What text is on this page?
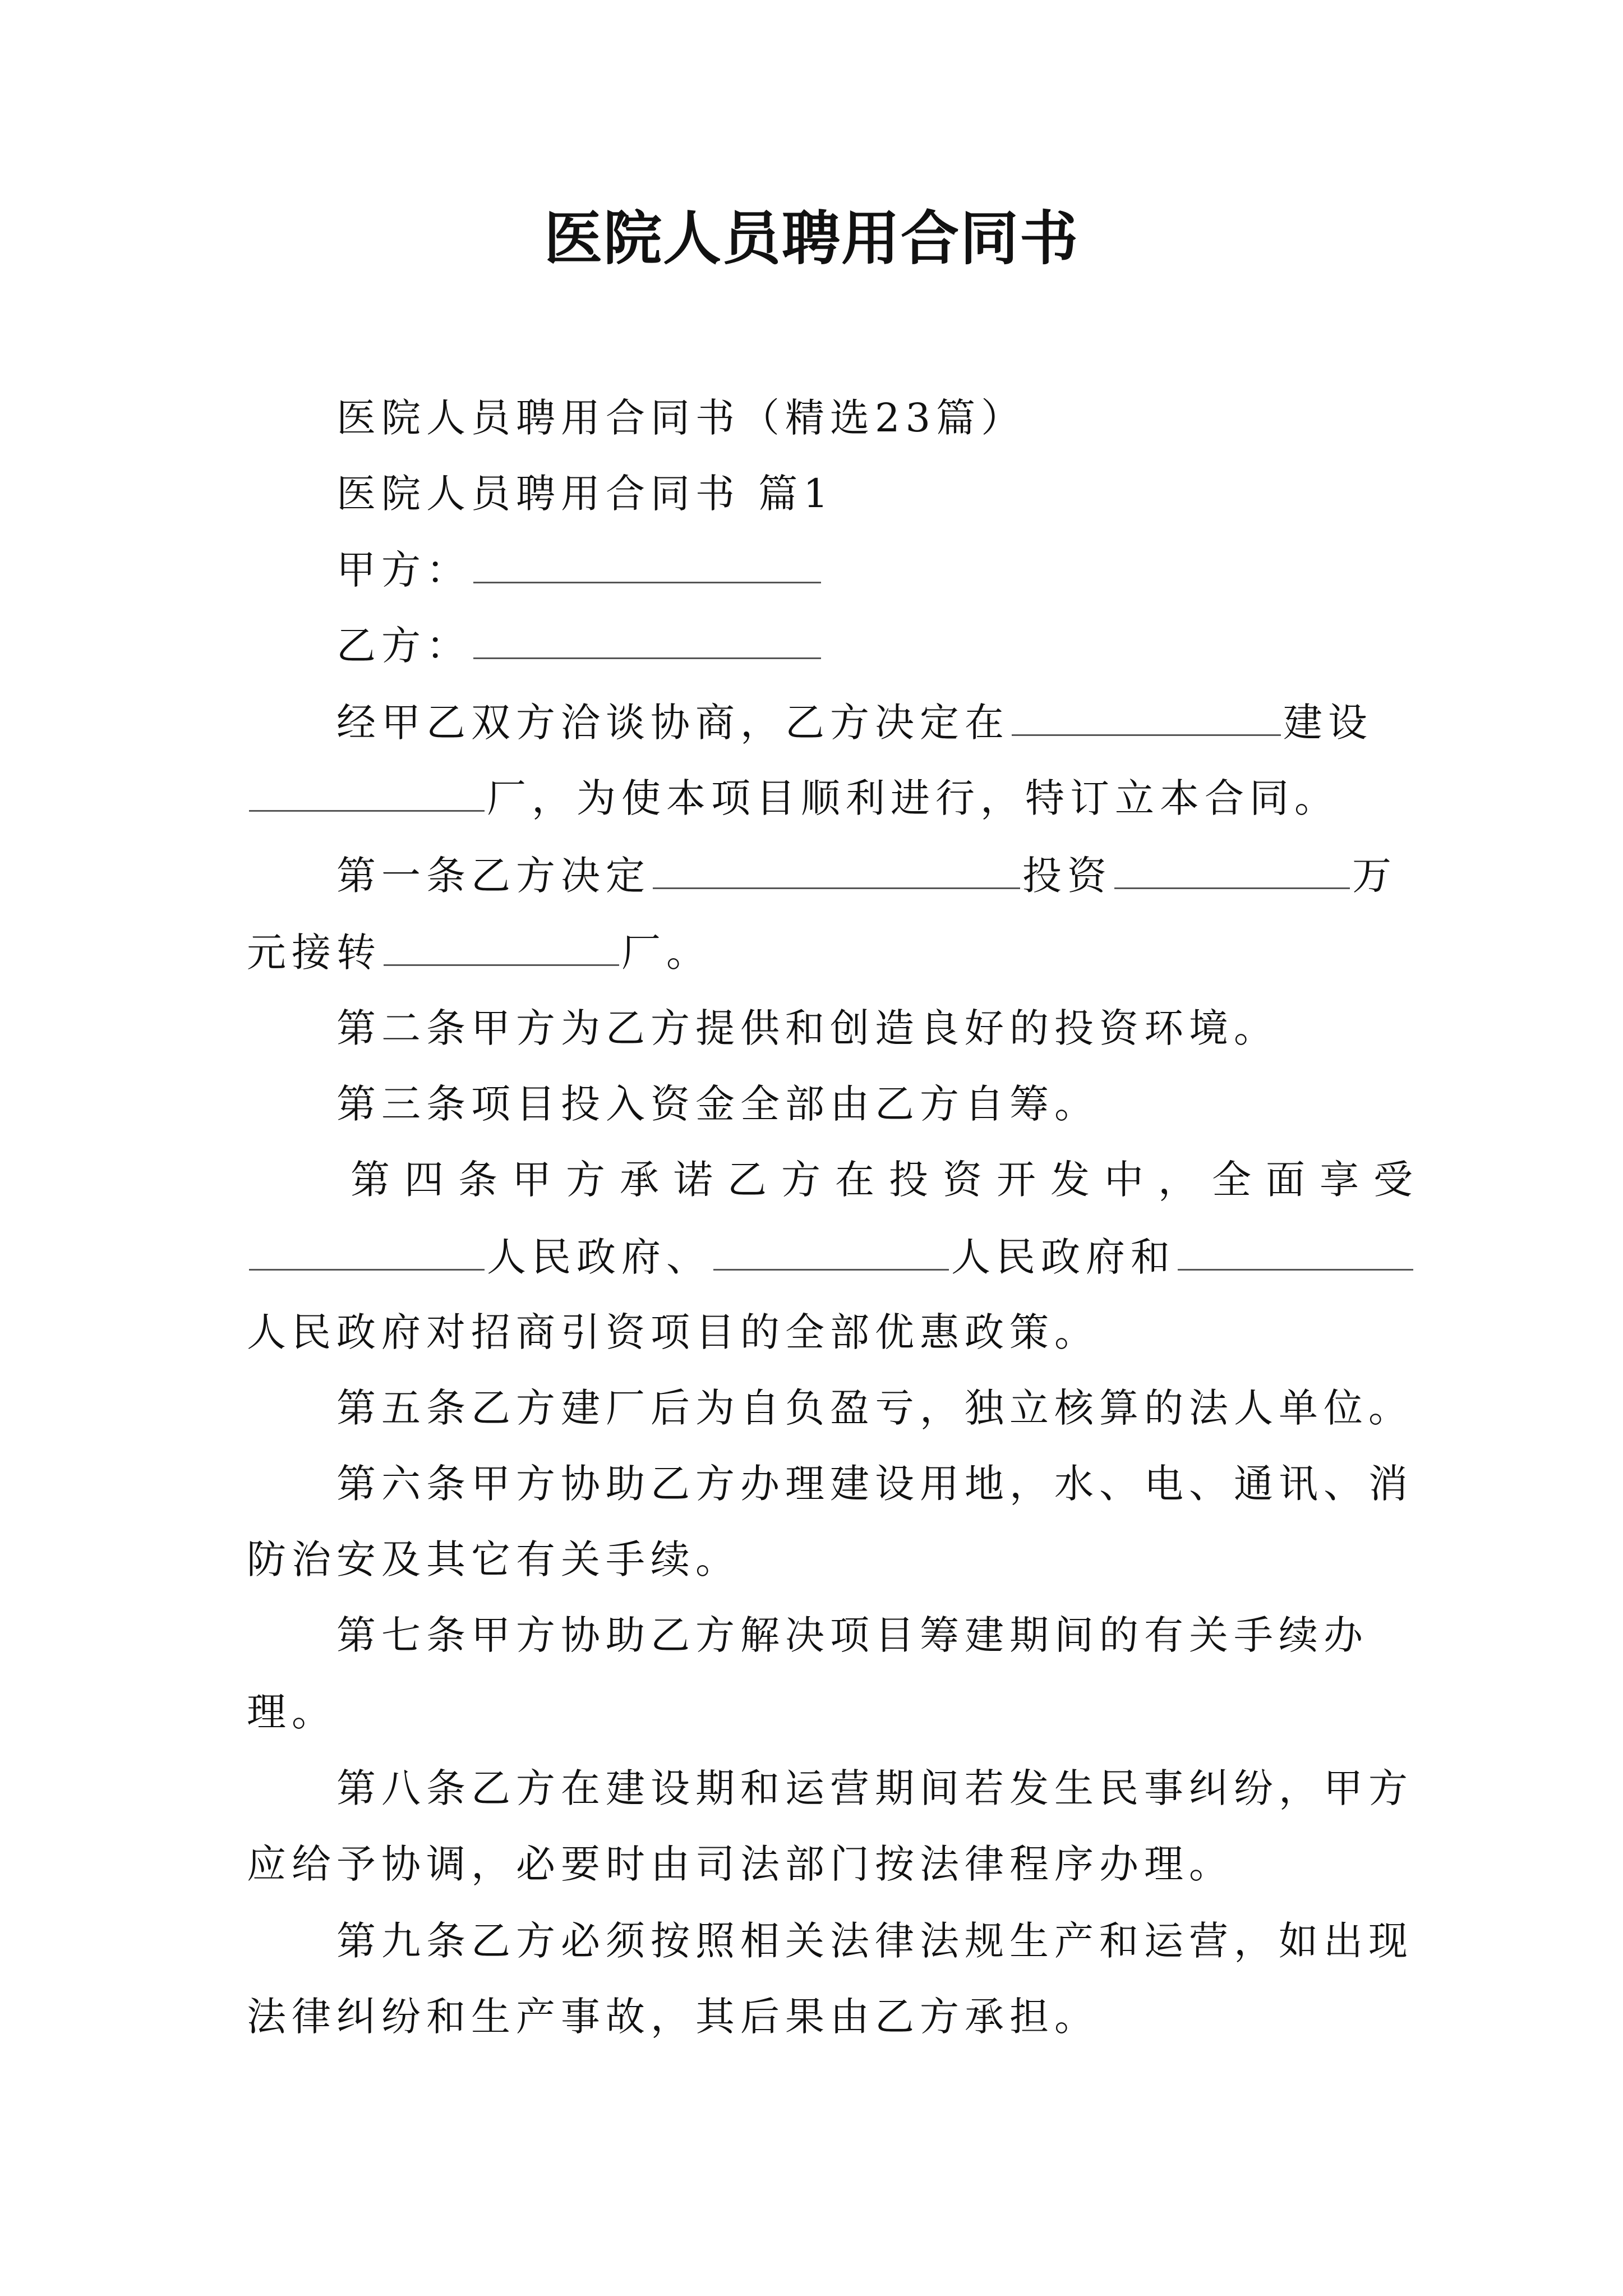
医院人员聘用合同书
医院人员聘用合同书（精选23篇）
医院人员聘用合同书 篇1
甲方：
乙方：
经甲乙双方洽谈协商，乙方决定在	建设
厂，为使本项目顺利进行，特订立本合同。
第一条乙方决定	投资	万
元接转	厂。
第二条甲方为乙方提供和创造良好的投资环境。
第三条项目投入资金全部由乙方自筹。
第四条甲方承诺乙方在投资开发中，全面享受
人民政府、	人民政府和
人民政府对招商引资项目的全部优惠政策。
第五条乙方建厂后为自负盈亏，独立核算的法人单位。
第六条甲方协助乙方办理建设用地，水、电、通讯、消
防治安及其它有关手续。
第七条甲方协助乙方解决项目筹建期间的有关手续办
理。
第八条乙方在建设期和运营期间若发生民事纠纷，甲方
应给予协调，必要时由司法部门按法律程序办理。
第九条乙方必须按照相关法律法规生产和运营，如出现
法律纠纷和生产事故，其后果由乙方承担。
